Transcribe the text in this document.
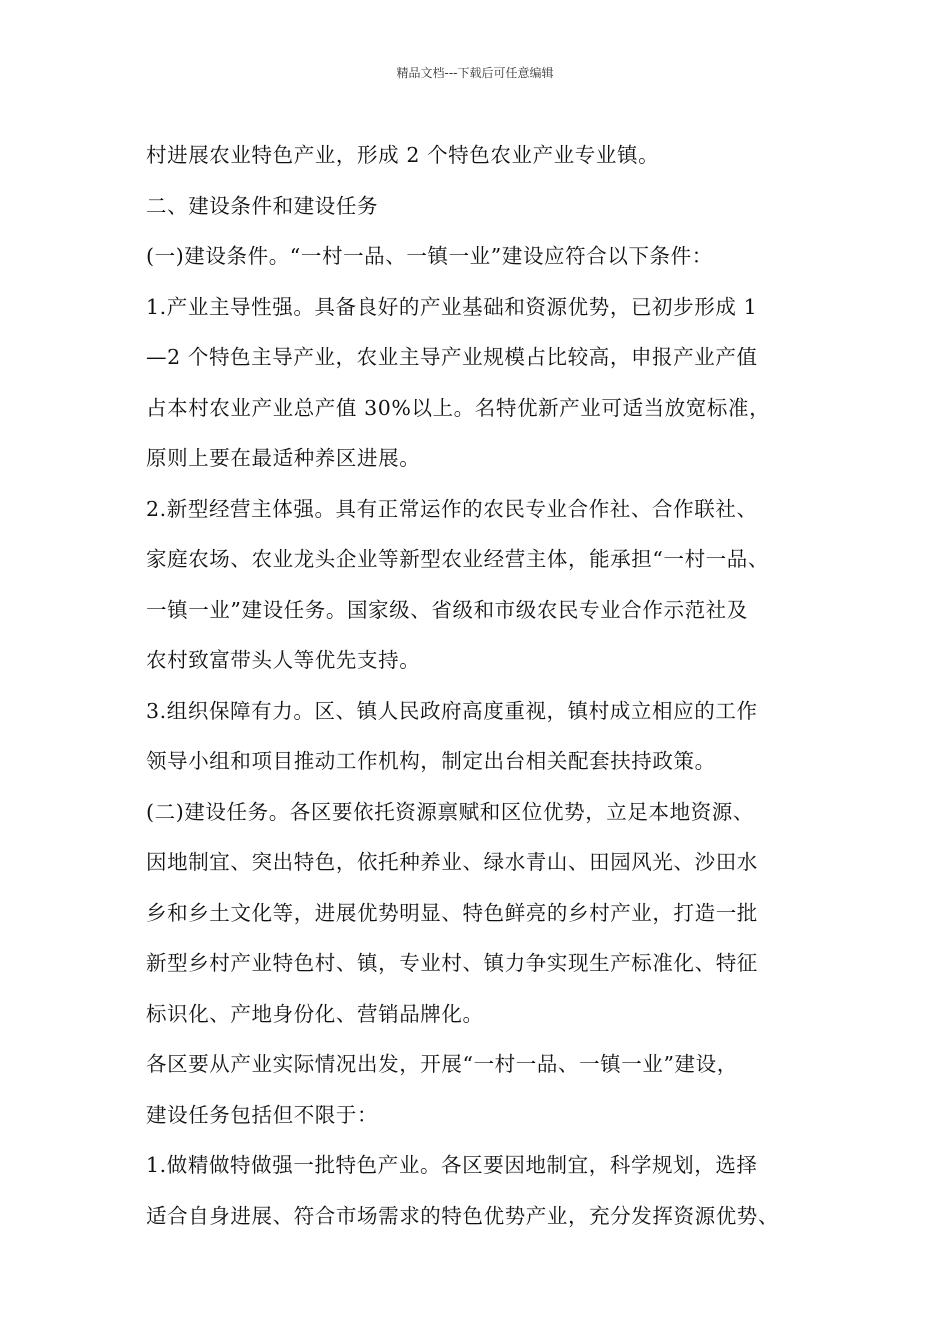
精品文档---下载后可任意编辑
村进展农业特色产业，形成 2 个特色农业产业专业镇。
二、建设条件和建设任务
(一)建设条件。“一村一品、一镇一业”建设应符合以下条件：
1.产业主导性强。具备良好的产业基础和资源优势，已初步形成 1
—2 个特色主导产业，农业主导产业规模占比较高，申报产业产值
占本村农业产业总产值 30%以上。名特优新产业可适当放宽标准，
原则上要在最适种养区进展。
2.新型经营主体强。具有正常运作的农民专业合作社、合作联社、
家庭农场、农业龙头企业等新型农业经营主体，能承担“一村一品、
一镇一业”建设任务。国家级、省级和市级农民专业合作示范社及
农村致富带头人等优先支持。
3.组织保障有力。区、镇人民政府高度重视，镇村成立相应的工作
领导小组和项目推动工作机构，制定出台相关配套扶持政策。
(二)建设任务。各区要依托资源禀赋和区位优势，立足本地资源、
因地制宜、突出特色，依托种养业、绿水青山、田园风光、沙田水
乡和乡土文化等，进展优势明显、特色鲜亮的乡村产业，打造一批
新型乡村产业特色村、镇，专业村、镇力争实现生产标准化、特征
标识化、产地身份化、营销品牌化。
各区要从产业实际情况出发，开展“一村一品、一镇一业”建设，
建设任务包括但不限于：
1.做精做特做强一批特色产业。各区要因地制宜，科学规划，选择
适合自身进展、符合市场需求的特色优势产业，充分发挥资源优势、
